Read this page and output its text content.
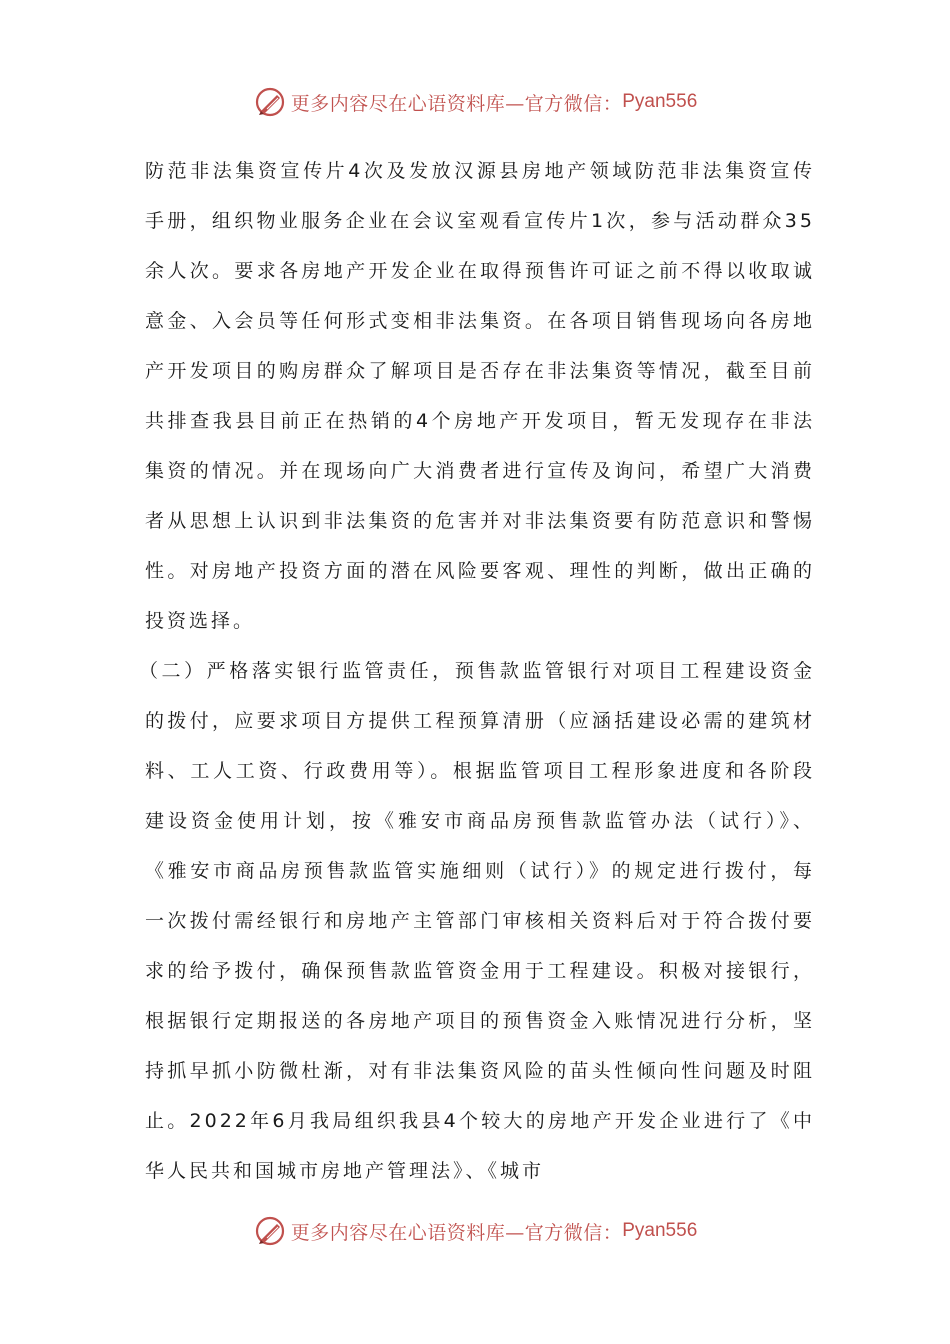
更多内容尽在心语资料库—官方微信： Pyan556

防范非法集资宣传片4次及发放汉源县房地产领域防范非法集资宣传手册，组织物业服务企业在会议室观看宣传片1次，参与活动群众35余人次。要求各房地产开发企业在取得预售许可证之前不得以收取诚意金、入会员等任何形式变相非法集资。在各项目销售现场向各房地产开发项目的购房群众了解项目是否存在非法集资等情况，截至目前共排查我县目前正在热销的4个房地产开发项目，暂无发现存在非法集资的情况。并在现场向广大消费者进行宣传及询问，希望广大消费者从思想上认识到非法集资的危害并对非法集资要有防范意识和警惕性。对房地产投资方面的潜在风险要客观、理性的判断，做出正确的投资选择。

（二）严格落实银行监管责任，预售款监管银行对项目工程建设资金的拨付，应要求项目方提供工程预算清册（应涵括建设必需的建筑材料、工人工资、行政费用等）。根据监管项目工程形象进度和各阶段建设资金使用计划，按《雅安市商品房预售款监管办法（试行）》、《雅安市商品房预售款监管实施细则（试行）》的规定进行拨付，每一次拨付需经银行和房地产主管部门审核相关资料后对于符合拨付要求的给予拨付，确保预售款监管资金用于工程建设。积极对接银行，根据银行定期报送的各房地产项目的预售资金入账情况进行分析，坚持抓早抓小防微杜渐，对有非法集资风险的苗头性倾向性问题及时阻止。2022年6月我局组织我县4个较大的房地产开发企业进行了《中华人民共和国城市房地产管理法》、《城市

更多内容尽在心语资料库—官方微信： Pyan556
